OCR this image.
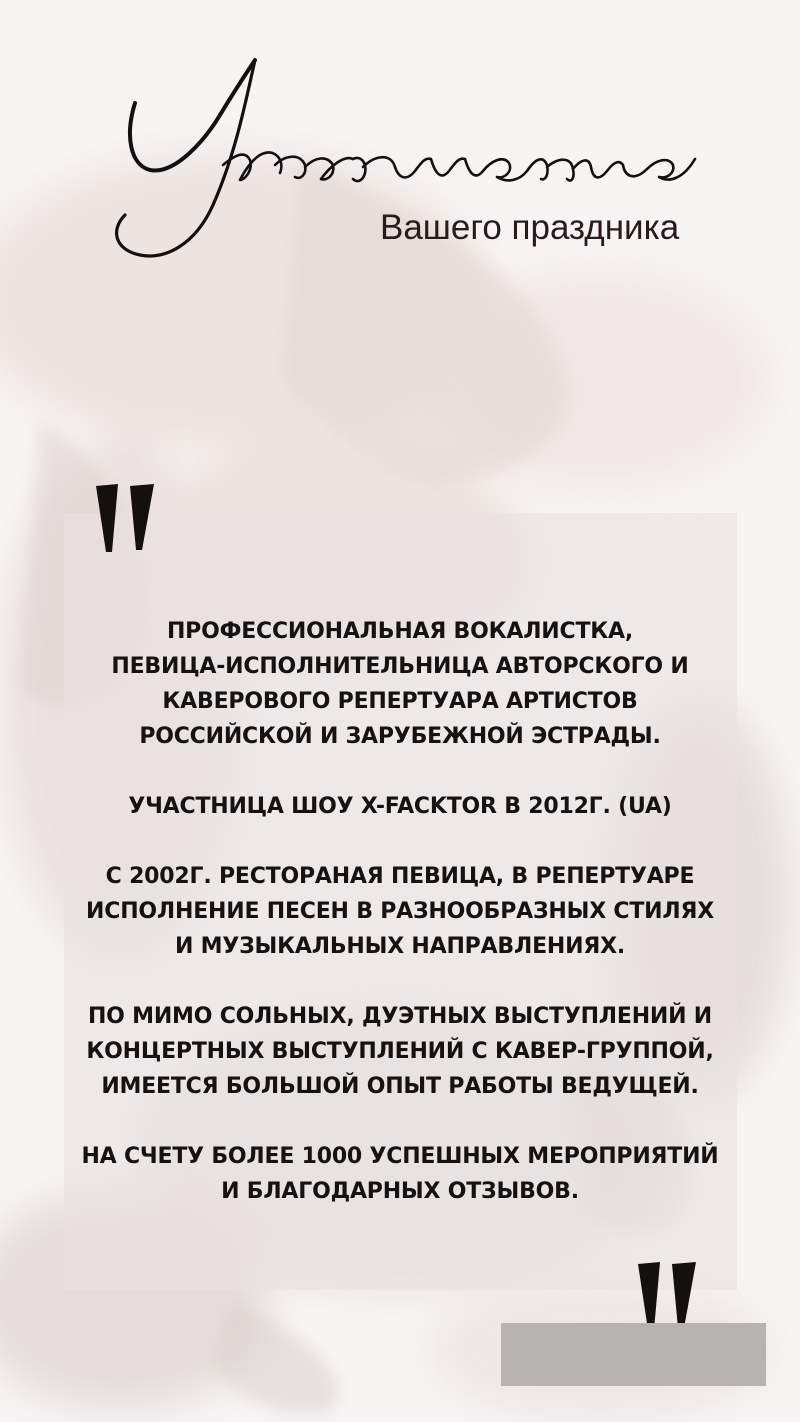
Вашего праздника

ПРОФЕССИОНАЛЬНАЯ ВОКАЛИСТКА,
ПЕВИЦА-ИСПОЛНИТЕЛЬНИЦА АВТОРСКОГО И
КАВЕРОВОГО РЕПЕРТУАРА АРТИСТОВ
РОССИЙСКОЙ И ЗАРУБЕЖНОЙ ЭСТРАДЫ.

УЧАСТНИЦА ШОУ X-FACKTOR В 2012Г. (UA)

С 2002Г. РЕСТОРАНАЯ ПЕВИЦА, В РЕПЕРТУАРЕ
ИСПОЛНЕНИЕ ПЕСЕН В РАЗНООБРАЗНЫХ СТИЛЯХ
И МУЗЫКАЛЬНЫХ НАПРАВЛЕНИЯХ.

ПО МИМО СОЛЬНЫХ, ДУЭТНЫХ ВЫСТУПЛЕНИЙ И
КОНЦЕРТНЫХ ВЫСТУПЛЕНИЙ С КАВЕР-ГРУППОЙ,
ИМЕЕТСЯ БОЛЬШОЙ ОПЫТ РАБОТЫ ВЕДУЩЕЙ.

НА СЧЕТУ БОЛЕЕ 1000 УСПЕШНЫХ МЕРОПРИЯТИЙ
И БЛАГОДАРНЫХ ОТЗЫВОВ.
